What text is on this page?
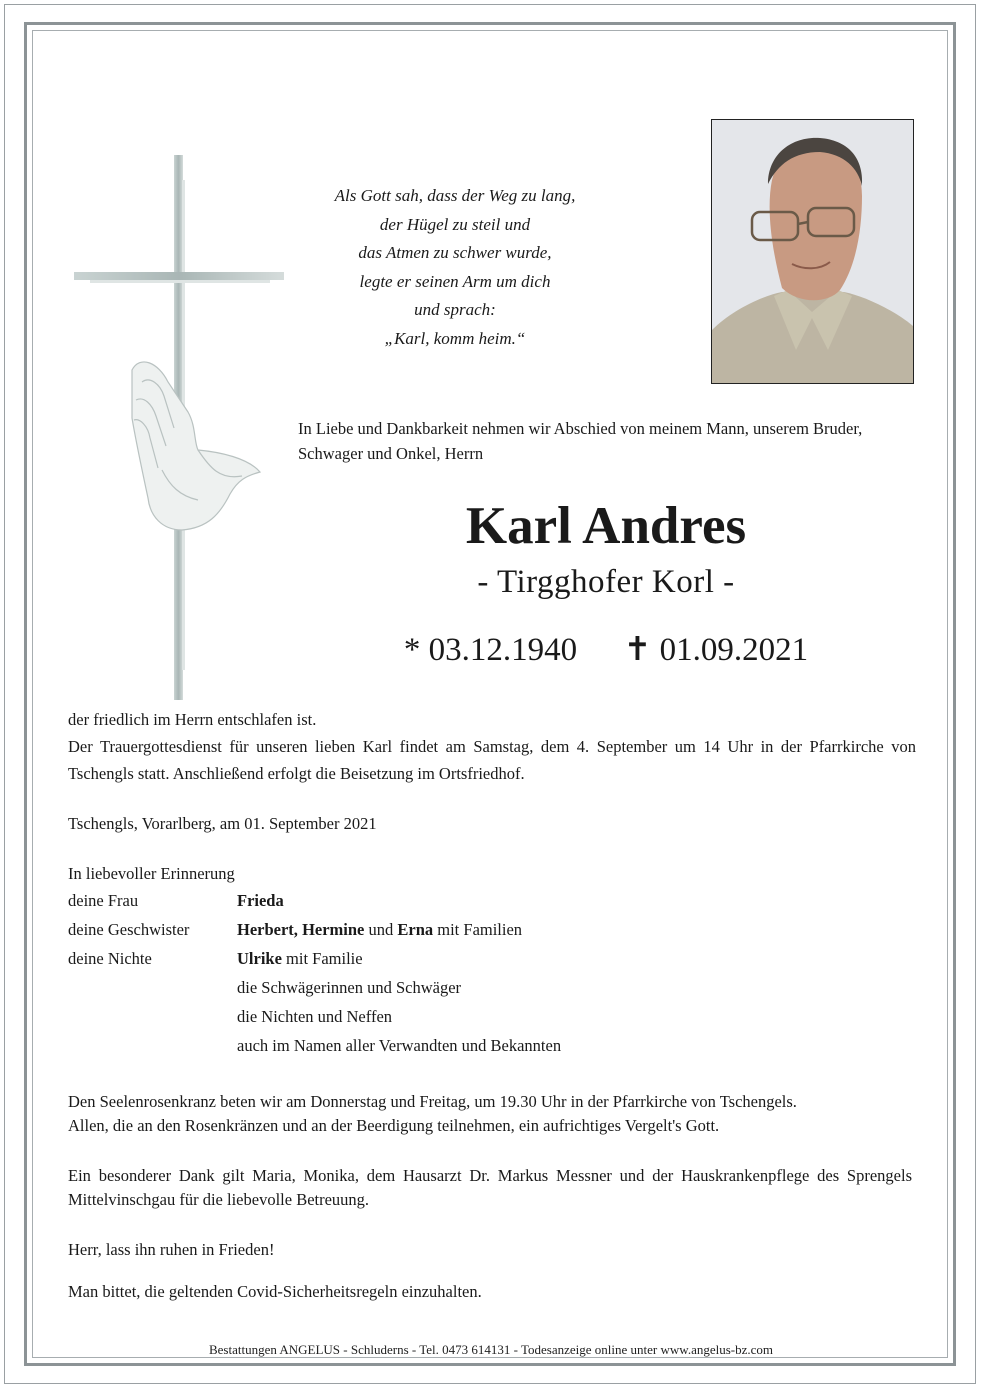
Als Gott sah, dass der Weg zu lang,
der Hügel zu steil und
das Atmen zu schwer wurde,
legte er seinen Arm um dich
und sprach:
„Karl, komm heim.“
In Liebe und Dankbarkeit nehmen wir Abschied von meinem Mann, unserem Bruder, Schwager und Onkel, Herrn
Karl Andres
- Tirgghofer Korl -
* 03.12.1940 ✝ 01.09.2021

der friedlich im Herrn entschlafen ist.

Der Trauergottesdienst für unseren lieben Karl findet am Samstag, dem 4. September um 14 Uhr in der Pfarrkirche von Tschengls statt. Anschließend erfolgt die Beisetzung im Ortsfriedhof.

Tschengls, Vorarlberg, am 01. September 2021

In liebevoller Erinnerung

deine Frau	Frieda
deine Geschwister	Herbert, Hermine und Erna mit Familien
deine Nichte	Ulrike mit Familie
die Schwägerinnen und Schwäger
die Nichten und Neffen
auch im Namen aller Verwandten und Bekannten

Den Seelenrosenkranz beten wir am Donnerstag und Freitag, um 19.30 Uhr in der Pfarrkirche von Tschengels.

Allen, die an den Rosenkränzen und an der Beerdigung teilnehmen, ein aufrichtiges Vergelt's Gott.

Ein besonderer Dank gilt Maria, Monika, dem Hausarzt Dr. Markus Messner und der Hauskrankenpflege des Sprengels Mittelvinschgau für die liebevolle Betreuung.

Herr, lass ihn ruhen in Frieden!

Man bittet, die geltenden Covid-Sicherheitsregeln einzuhalten.

Bestattungen ANGELUS - Schluderns - Tel. 0473 614131 - Todesanzeige online unter www.angelus-bz.com
